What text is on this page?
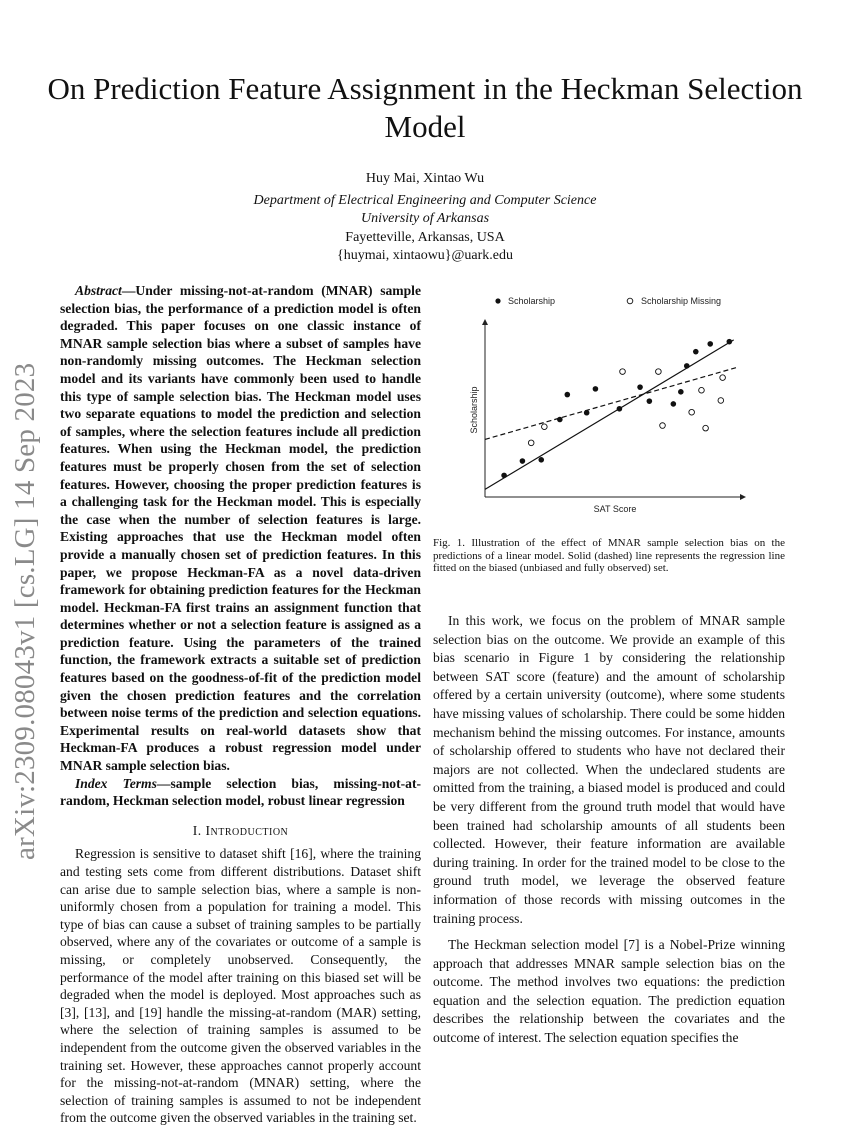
arXiv:2309.08043v1 [cs.LG] 14 Sep 2023
On Prediction Feature Assignment in the Heckman Selection Model
Huy Mai, Xintao Wu
Department of Electrical Engineering and Computer Science
University of Arkansas
Fayetteville, Arkansas, USA
{huymai, xintaowu}@uark.edu

Abstract—Under missing-not-at-random (MNAR) sample selection bias, the performance of a prediction model is often degraded. This paper focuses on one classic instance of MNAR sample selection bias where a subset of samples have non-randomly missing outcomes. The Heckman selection model and its variants have commonly been used to handle this type of sample selection bias. The Heckman model uses two separate equations to model the prediction and selection of samples, where the selection features include all prediction features. When using the Heckman model, the prediction features must be properly chosen from the set of selection features. However, choosing the proper prediction features is a challenging task for the Heckman model. This is especially the case when the number of selection features is large. Existing approaches that use the Heckman model often provide a manually chosen set of prediction features. In this paper, we propose Heckman-FA as a novel data-driven framework for obtaining prediction features for the Heckman model. Heckman-FA first trains an assignment function that determines whether or not a selection feature is assigned as a prediction feature. Using the parameters of the trained function, the framework extracts a suitable set of prediction features based on the goodness-of-fit of the prediction model given the chosen prediction features and the correlation between noise terms of the prediction and selection equations. Experimental results on real-world datasets show that Heckman-FA produces a robust regression model under MNAR sample selection bias.

Index Terms—sample selection bias, missing-not-at-random, Heckman selection model, robust linear regression

I. Introduction

Regression is sensitive to dataset shift [16], where the training and testing sets come from different distributions. Dataset shift can arise due to sample selection bias, where a sample is non-uniformly chosen from a population for training a model. This type of bias can cause a subset of training samples to be partially observed, where any of the covariates or outcome of a sample is missing, or completely unobserved. Consequently, the performance of the model after training on this biased set will be degraded when the model is deployed. Most approaches such as [3], [13], and [19] handle the missing-at-random (MAR) setting, where the selection of training samples is assumed to be independent from the outcome given the observed variables in the training set. However, these approaches cannot properly account for the missing-not-at-random (MNAR) setting, where the selection of training samples is assumed to not be independent from the outcome given the observed variables in the training set.

Scholarship	Scholarship Missing
SAT Score
Scholarship
Fig. 1. Illustration of the effect of MNAR sample selection bias on the predictions of a linear model. Solid (dashed) line represents the regression line fitted on the biased (unbiased and fully observed) set.

In this work, we focus on the problem of MNAR sample selection bias on the outcome. We provide an example of this bias scenario in Figure 1 by considering the relationship between SAT score (feature) and the amount of scholarship offered by a certain university (outcome), where some students have missing values of scholarship. There could be some hidden mechanism behind the missing outcomes. For instance, amounts of scholarship offered to students who have not declared their majors are not collected. When the undeclared students are omitted from the training, a biased model is produced and could be very different from the ground truth model that would have been trained had scholarship amounts of all students been collected. However, their feature information are available during training. In order for the trained model to be close to the ground truth model, we leverage the observed feature information of those records with missing outcomes in the training process.

The Heckman selection model [7] is a Nobel-Prize winning approach that addresses MNAR sample selection bias on the outcome. The method involves two equations: the prediction equation and the selection equation. The prediction equation describes the relationship between the covariates and the outcome of interest. The selection equation specifies the
